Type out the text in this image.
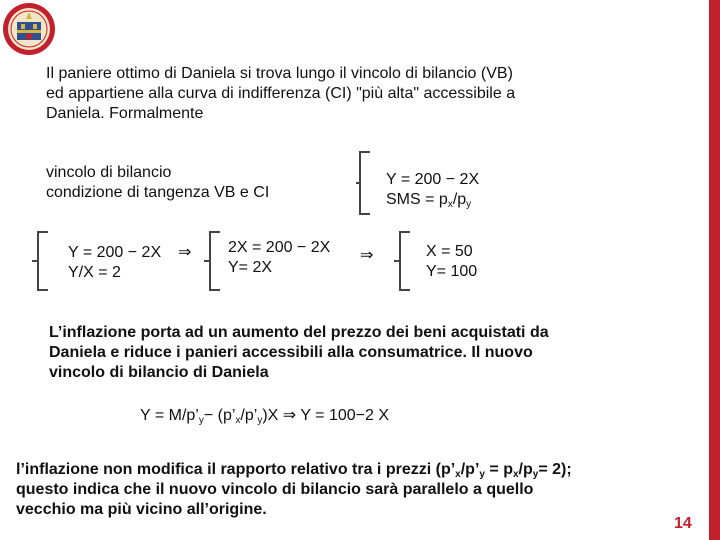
Il paniere ottimo di Daniela si trova lungo il vincolo di bilancio (VB)
ed appartiene alla curva di indifferenza (CI) "più alta" accessibile a
Daniela. Formalmente
vincolo di bilancio
condizione di tangenza VB e CI
Y = 200 − 2X
SMS = $p_x/p_y$
Y = 200 − 2X
Y/X = 2
⇒ 2X = 200 − 2X
Y= 2X
⇒	X = 50
Y= 100
L’inflazione porta ad un aumento del prezzo dei beni acquistati da
Daniela e riduce i panieri accessibili alla consumatrice. Il nuovo
vincolo di bilancio di Daniela
$Y = M/p’_y-$ $(p’_x/p’_y)X$ ⇒ Y = 100−2 X
l’inflazione non modifica il rapporto relativo tra i prezzi $(p’_x/p’_y = p_x/p_y= 2)$;
questo indica che il nuovo vincolo di bilancio sarà parallelo a quello
vecchio ma più vicino all’origine.
14
